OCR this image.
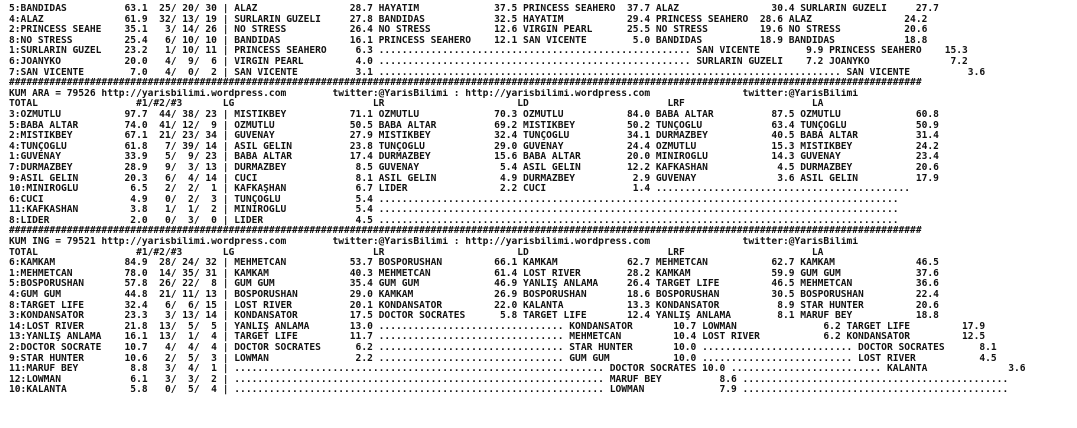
5:BANDIDAS          63.1  25/ 20/ 30 | ALAZ                28.7 HAYATIM             37.5 PRINCESS SEAHERO  37.7 ALAZ                30.4 SURLARIN GÜZELİ     27.7
4:ALAZ              61.9  32/ 13/ 19 | SURLARIN GÜZELİ     27.8 BANDIDAS            32.5 HAYATIM           29.4 PRINCESS SEAHERO  28.6 ALAZ                24.2
2:PRINCESS SEAHE    35.1   3/ 14/ 26 | NO STRESS           26.4 NO STRESS           12.6 VIRGIN PEARL      25.5 NO STRESS         19.6 NO STRESS           20.6
8:NO STRESS         25.4   6/ 10/ 10 | BANDIDAS            16.1 PRINCESS SEAHERO    12.1 SAN VICENTE        5.0 BANDIDAS          18.9 BANDIDAS            18.8
1:SURLARIN GÜZEL    23.2   1/ 10/ 11 | PRINCESS SEAHERO     6.3 ...................................................... SAN VICENTE        9.9 PRINCESS SEAHERO    15.3
6:JOANYKO           20.0   4/  9/  6 | VIRGIN PEARL         4.0 ...................................................... SURLARIN GÜZELİ    7.2 JOANYKO              7.2
7:SAN VICENTE        7.0   4/  0/  2 | SAN VICENTE          3.1 ................................................................................ SAN VICENTE          3.6
##############################################################################################################################################################
KUM ARA = 79526 http://yarisbilimi.wordpress.com        twitter:@YarisBilimi : http://yarisbilimi.wordpress.com                twitter:@YarisBilimi
TOTAL                 #1/#2/#3       LG                        LR                       LD                        LRF                      LA
3:ÖZMUTLU           97.7  44/ 38/ 23 | MISTIKBEY           71.1 ÖZMUTLU             70.3 ÖZMUTLU           84.0 BABA ALTAR          87.5 ÖZMUTLU             60.8
5:BABA ALTAR        74.0  41/ 12/  9 | ÖZMUTLU             50.5 BABA ALTAR          69.2 MISTIKBEY         50.2 TUNÇOĞLU            63.4 TUNÇOĞLU            50.9
2:MISTIKBEY         67.1  21/ 23/ 34 | GÜVENAY             27.9 MISTIKBEY           32.4 TUNÇOĞLU          34.1 DURMAZBEY           40.5 BABA ALTAR          31.4
4:TUNÇOĞLU          61.8   7/ 39/ 14 | ASİL GELİN          23.8 TUNÇOĞLU            29.0 GÜVENAY           24.4 ÖZMUTLU             15.3 MISTIKBEY           24.2
1:GÜVENAY           33.9   5/  9/ 23 | BABA ALTAR          17.4 DURMAZBEY           15.6 BABA ALTAR        20.0 MİNİROĞLU           14.3 GÜVENAY             23.4
7:DURMAZBEY         28.9   9/  3/ 13 | DURMAZBEY            8.5 GÜVENAY              5.4 ASİL GELİN        12.2 KAFKASHAN            4.5 DURMAZBEY           20.6
9:ASİL GELİN        20.3   6/  4/ 14 | CUCİ                 8.1 ASİL GELİN           4.9 DURMAZBEY          2.9 GÜVENAY              3.6 ASİL GELİN          17.9
10:MİNİROĞLU         6.5   2/  2/  1 | KAFKAŞHAN            6.7 LİDER                2.2 CUCİ               1.4 ............................................
6:CUCİ               4.9   0/  2/  3 | TUNÇOĞLU             5.4 ..........................................................................................
11:KAFKASHAN         3.8   1/  1/  2 | MİNİROĞLU            5.4 ..........................................................................................
8:LİDER              2.0   0/  3/  0 | LİDER                4.5 ..........................................................................................
##############################################################################################################################################################
KUM ING = 79521 http://yarisbilimi.wordpress.com        twitter:@YarisBilimi : http://yarisbilimi.wordpress.com                twitter:@YarisBilimi
TOTAL                 #1/#2/#3       LG                        LR                       LD                        LRF                      LA
6:KAMKAM            84.9  28/ 24/ 32 | MEHMETCAN           53.7 BOSPORUSHAN         66.1 KAMKAM            62.7 MEHMETCAN           62.7 KAMKAM              46.5
1:MEHMETCAN         78.0  14/ 35/ 31 | KAMKAM              40.3 MEHMETCAN           61.4 LOST RIVER        28.2 KAMKAM              59.9 GÜM GÜM             37.6
5:BOSPORUSHAN       57.8  26/ 22/  8 | GÜM GÜM             35.4 GÜM GÜM             46.9 YANLIŞ ANLAMA     26.4 TARGET LIFE         46.5 MEHMETCAN           36.6
4:GÜM GÜM           44.8  21/ 11/ 13 | BOSPORUSHAN         29.0 KAMKAM              26.9 BOSPORUSHAN       18.6 BOSPORUSHAN         30.5 BOSPORUSHAN         22.4
8:TARGET LIFE       32.4   6/  6/ 15 | LOST RIVER          20.1 KONDANSATÖR         22.0 KALANTA           13.3 KONDANSATÖR          8.9 STAR HUNTER         20.6
3:KONDANSATÖR       23.3   3/ 13/ 14 | KONDANSATÖR         17.5 DOCTOR SOCRATES      5.8 TARGET LIFE       12.4 YANLIŞ ANLAMA        8.1 MARUF BEY           18.8
14:LOST RIVER       21.8  13/  5/  5 | YANLIŞ ANLAMA       13.0 ................................ KONDANSATÖR       10.7 LOWMAN               6.2 TARGET LIFE         17.9
13:YANLIŞ ANLAMA    16.1  13/  1/  4 | TARGET LIFE         11.7 ................................ MEHMETCAN         10.4 LOST RIVER           6.2 KONDANSATÖR         12.5
2:DOCTOR SOCRATE    10.7   4/  4/  4 | DOCTOR SOCRATES      6.2 ................................ STAR HUNTER       10.0 .......................... DOCTOR SOCRATES      8.1
9:STAR HUNTER       10.6   2/  5/  3 | LOWMAN               2.2 ................................ GÜM GÜM           10.0 .......................... LOST RIVER           4.5
11:MARUF BEY         8.8   3/  4/  1 | ................................................................ DOCTOR SOCRATES 10.0 .......................... KALANTA              3.6
12:LOWMAN            6.1   3/  3/  2 | ................................................................ MARUF BEY          8.6 ..............................................
10:KALANTA           5.8   0/  5/  4 | ................................................................ LOWMAN             7.9 ..............................................
